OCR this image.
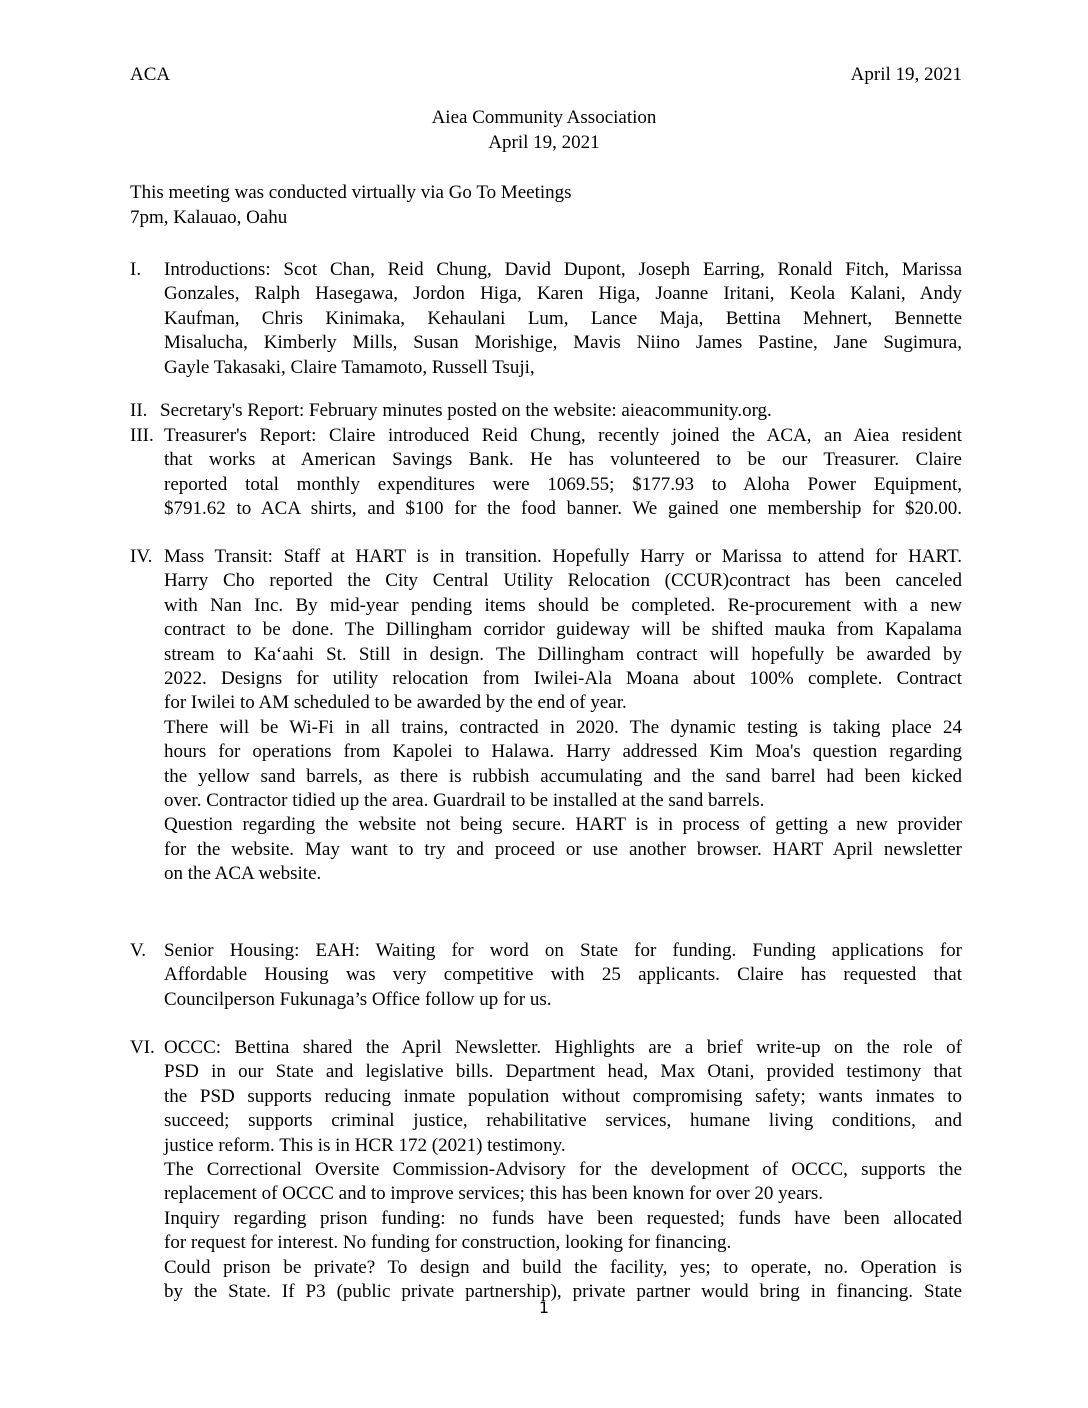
ACA	April 19, 2021
Aiea Community Association
April 19, 2021
This meeting was conducted virtually via Go To Meetings
7pm, Kalauao, Oahu
I. Introductions: Scot Chan, Reid Chung, David Dupont, Joseph Earring, Ronald Fitch, Marissa
Gonzales, Ralph Hasegawa, Jordon Higa, Karen Higa, Joanne Iritani, Keola Kalani, Andy
Kaufman, Chris Kinimaka, Kehaulani Lum, Lance Maja, Bettina Mehnert, Bennette
Misalucha, Kimberly Mills, Susan Morishige, Mavis Niino James Pastine, Jane Sugimura,
Gayle Takasaki, Claire Tamamoto, Russell Tsuji,
II. Secretary's Report: February minutes posted on the website: aieacommunity.org.
III. Treasurer's Report: Claire introduced Reid Chung, recently joined the ACA, an Aiea resident
that works at American Savings Bank. He has volunteered to be our Treasurer. Claire
reported total monthly expenditures were 1069.55; $177.93 to Aloha Power Equipment,
$791.62 to ACA shirts, and $100 for the food banner. We gained one membership for $20.00.
IV. Mass Transit: Staff at HART is in transition. Hopefully Harry or Marissa to attend for HART.
Harry Cho reported the City Central Utility Relocation (CCUR)contract has been canceled
with Nan Inc. By mid-year pending items should be completed. Re-procurement with a new
contract to be done. The Dillingham corridor guideway will be shifted mauka from Kapalama
stream to Ka‘aahi St. Still in design. The Dillingham contract will hopefully be awarded by
2022. Designs for utility relocation from Iwilei-Ala Moana about 100% complete. Contract
for Iwilei to AM scheduled to be awarded by the end of year.
There will be Wi-Fi in all trains, contracted in 2020. The dynamic testing is taking place 24
hours for operations from Kapolei to Halawa. Harry addressed Kim Moa's question regarding
the yellow sand barrels, as there is rubbish accumulating and the sand barrel had been kicked
over. Contractor tidied up the area. Guardrail to be installed at the sand barrels.
Question regarding the website not being secure. HART is in process of getting a new provider
for the website. May want to try and proceed or use another browser. HART April newsletter
on the ACA website.
V. Senior Housing: EAH: Waiting for word on State for funding. Funding applications for
Affordable Housing was very competitive with 25 applicants. Claire has requested that
Councilperson Fukunaga’s Office follow up for us.
VI. OCCC: Bettina shared the April Newsletter. Highlights are a brief write-up on the role of
PSD in our State and legislative bills. Department head, Max Otani, provided testimony that
the PSD supports reducing inmate population without compromising safety; wants inmates to
succeed; supports criminal justice, rehabilitative services, humane living conditions, and
justice reform. This is in HCR 172 (2021) testimony.
The Correctional Oversite Commission-Advisory for the development of OCCC, supports the
replacement of OCCC and to improve services; this has been known for over 20 years.
Inquiry regarding prison funding: no funds have been requested; funds have been allocated
for request for interest. No funding for construction, looking for financing.
Could prison be private? To design and build the facility, yes; to operate, no. Operation is
by the State. If P3 (public private partnership), private partner would bring in financing. State
1
